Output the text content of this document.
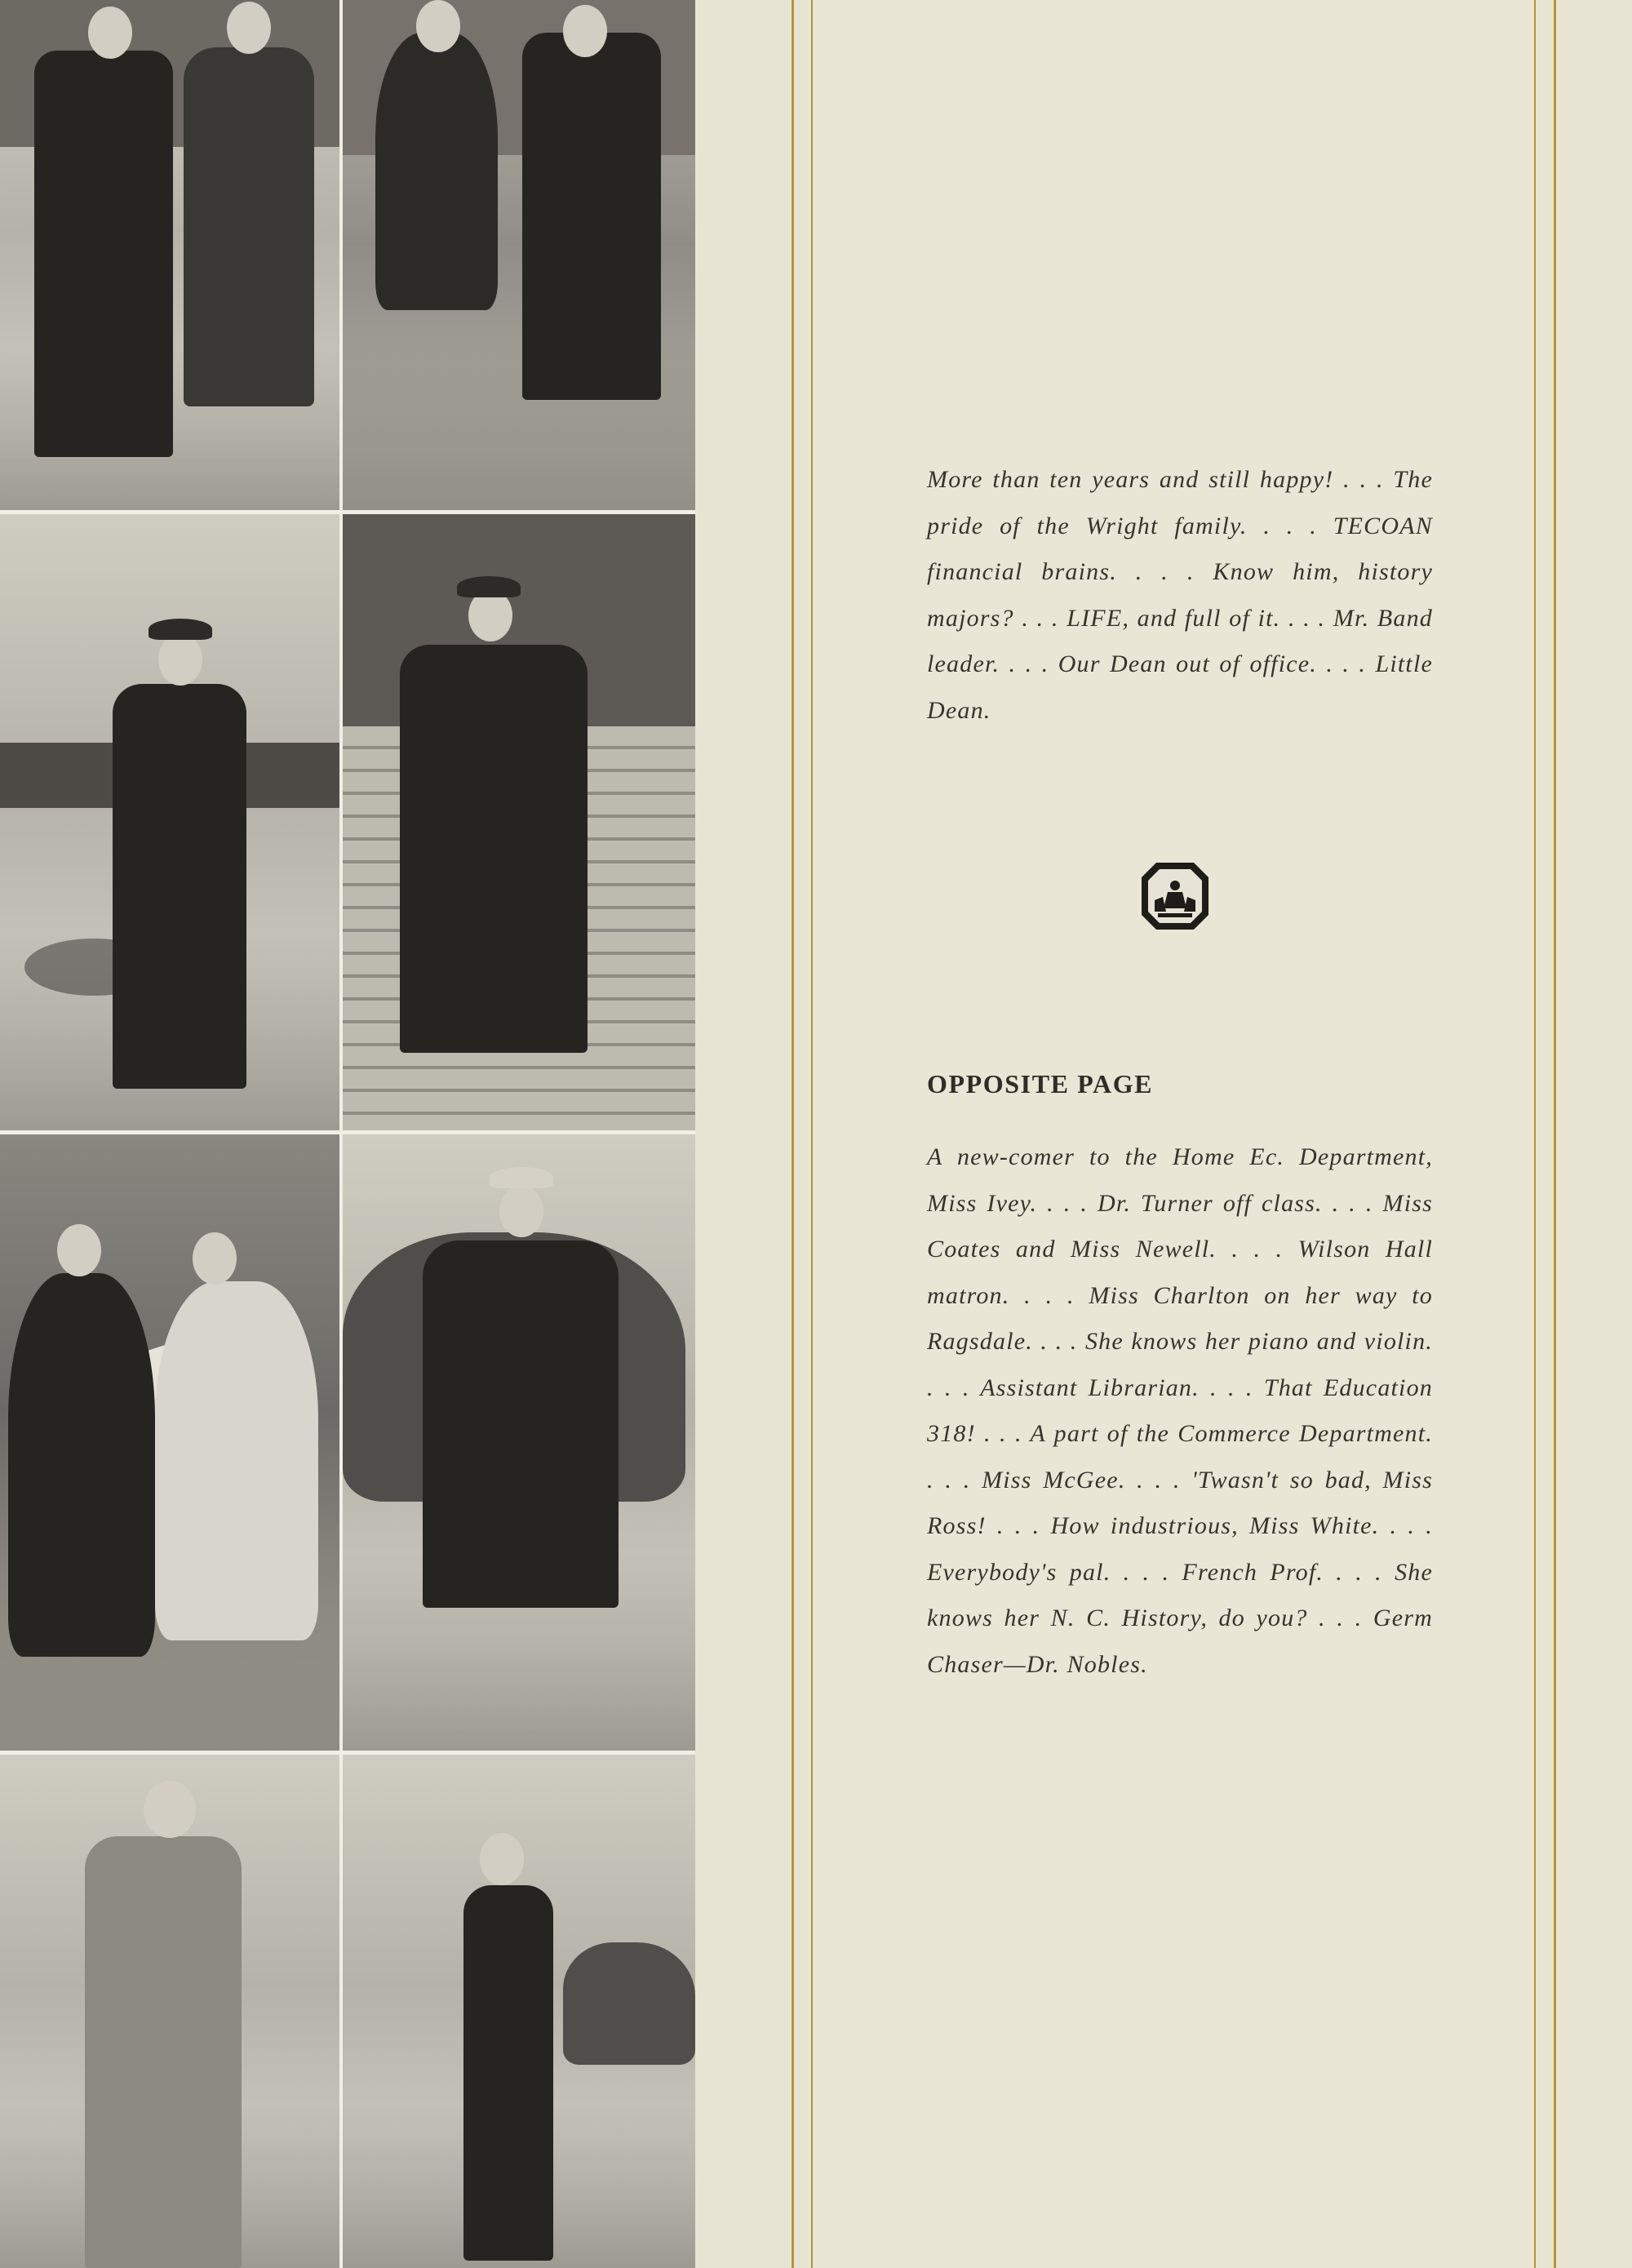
More than ten years and still happy! . . . The pride of the Wright family. . . . TECOAN financial brains. . . . Know him, history majors? . . . LIFE, and full of it. . . . Mr. Band leader. . . . Our Dean out of office. . . . Little Dean.

OPPOSITE PAGE

A new-comer to the Home Ec. Department, Miss Ivey. . . . Dr. Turner off class. . . . Miss Coates and Miss Newell. . . . Wilson Hall matron. . . . Miss Charlton on her way to Ragsdale. . . . She knows her piano and violin. . . . Assistant Librarian. . . . That Education 318! . . . A part of the Commerce Department. . . . Miss McGee. . . . 'Twasn't so bad, Miss Ross! . . . How industrious, Miss White. . . . Everybody's pal. . . . French Prof. . . . She knows her N. C. History, do you? . . . Germ Chaser—Dr. Nobles.
